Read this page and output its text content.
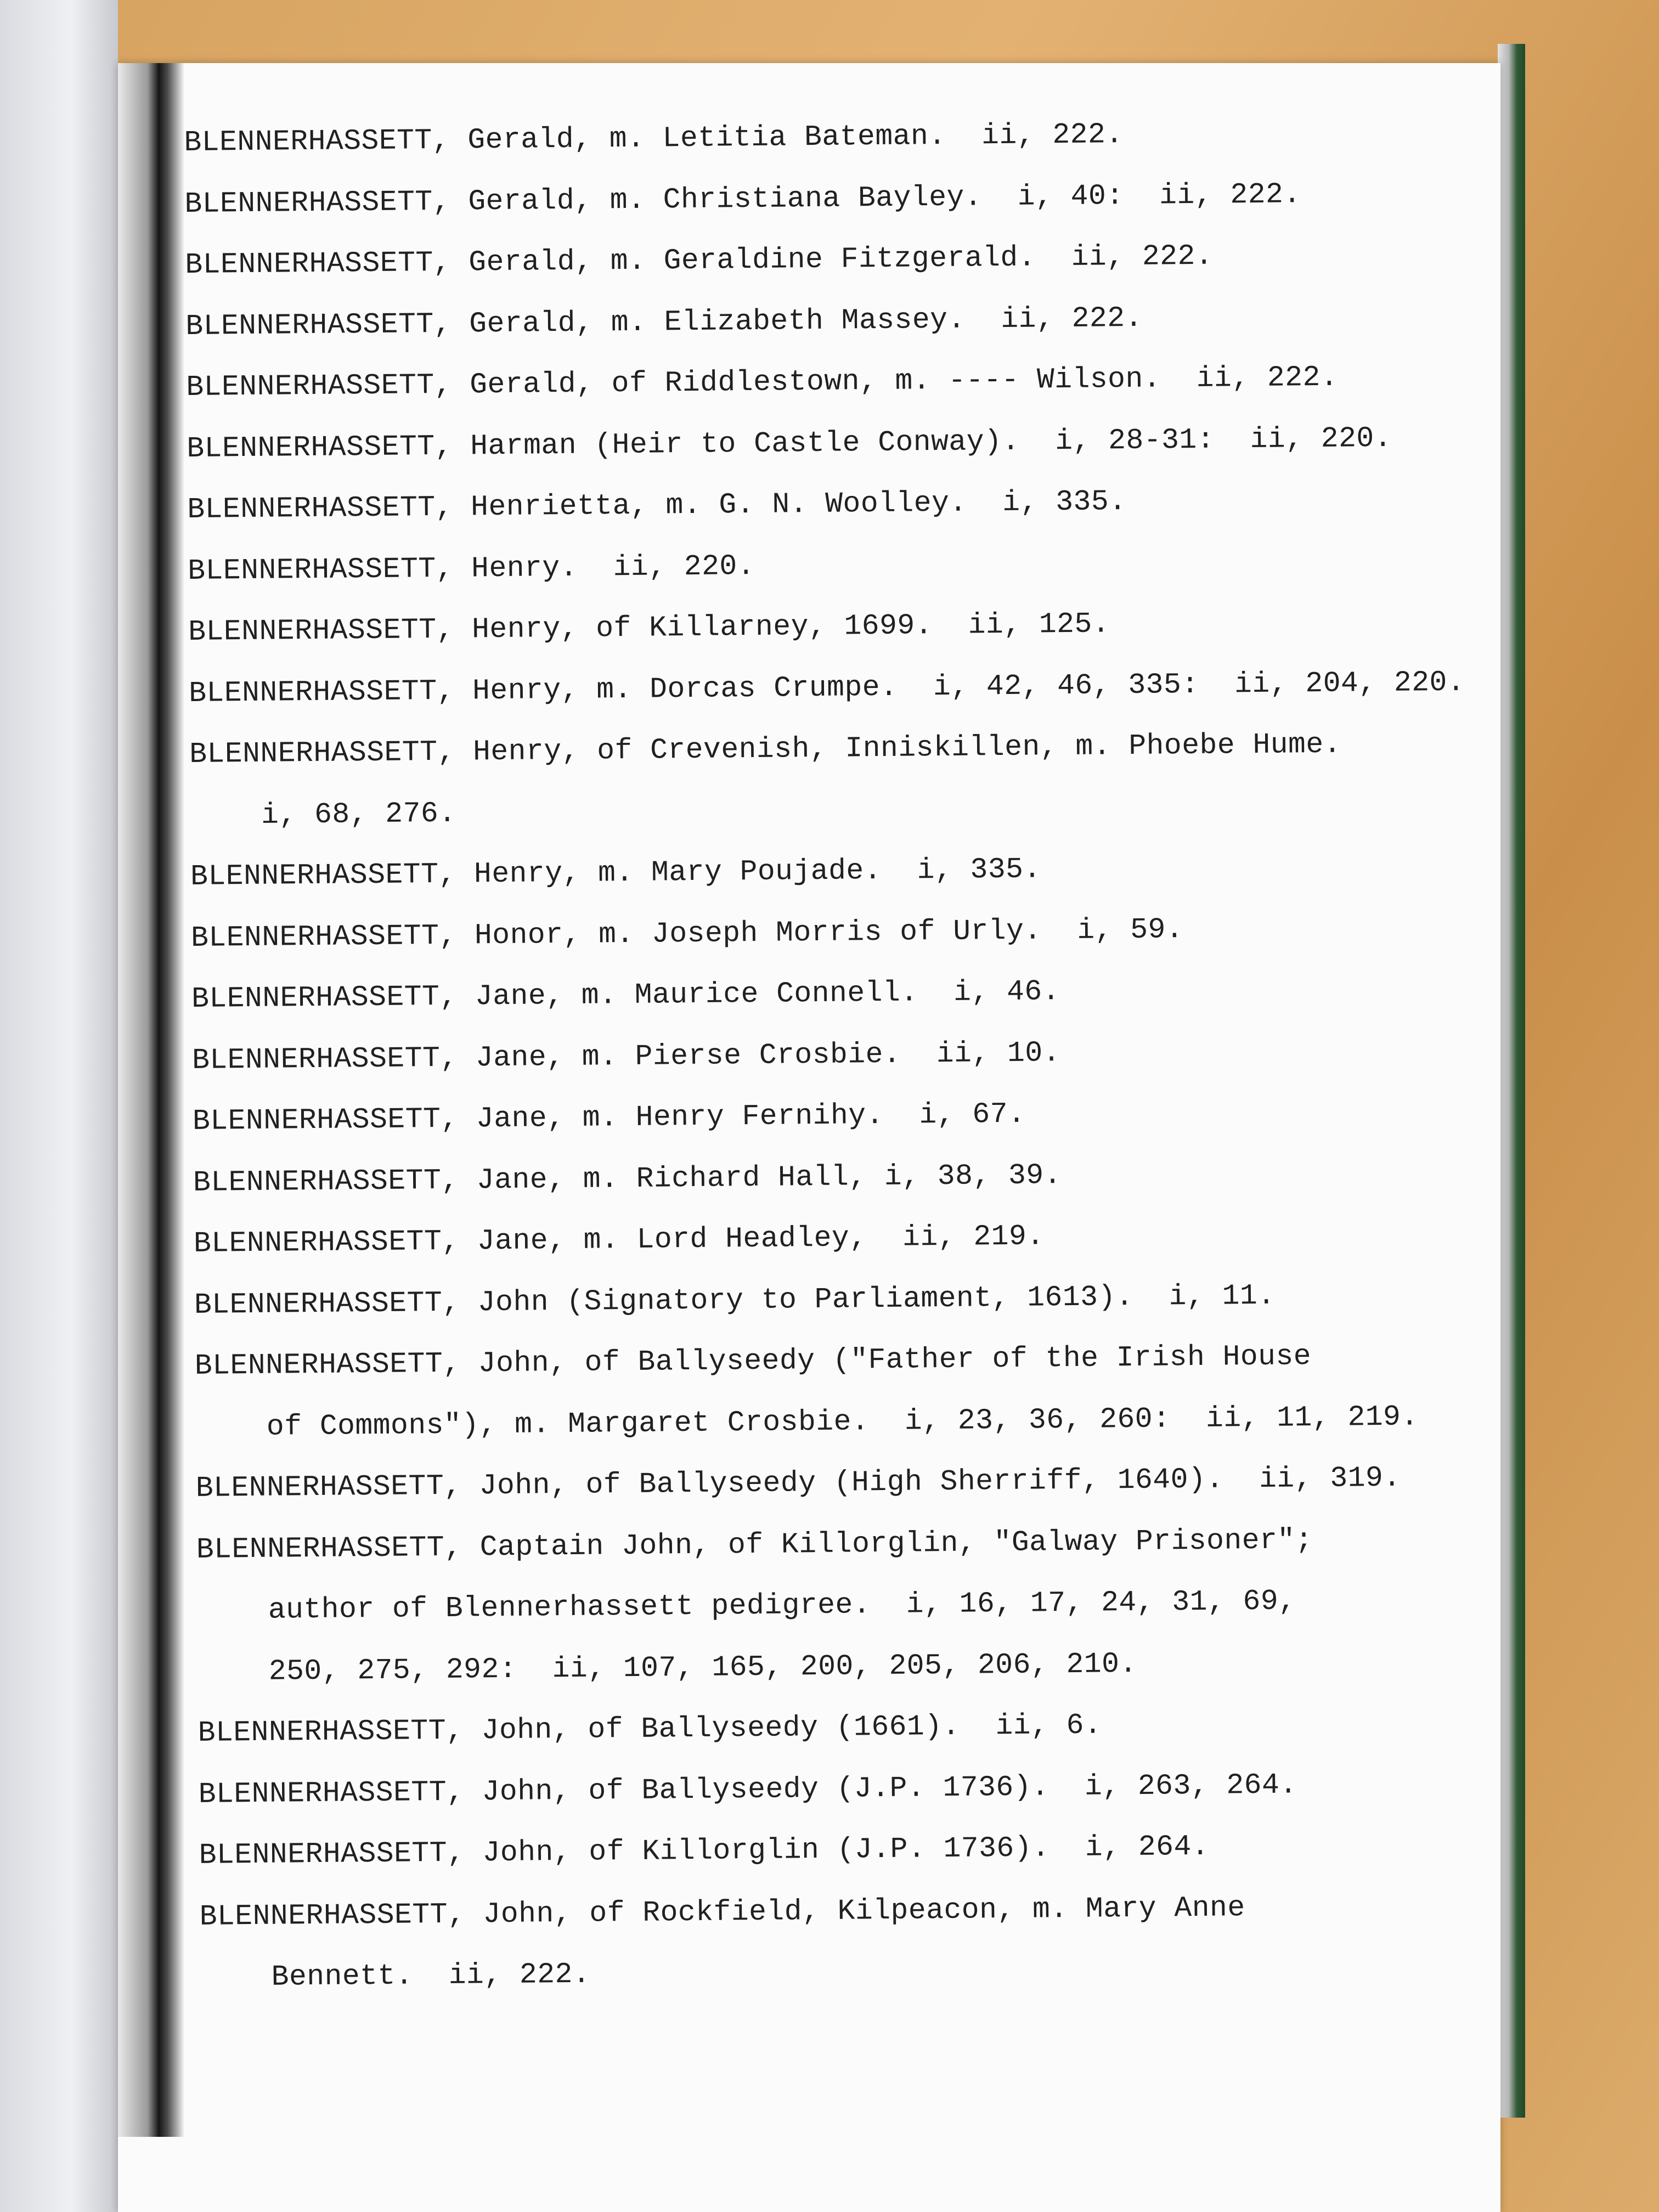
BLENNERHASSETT, Gerald, m. Letitia Bateman.  ii, 222.
BLENNERHASSETT, Gerald, m. Christiana Bayley.  i, 40:  ii, 222.
BLENNERHASSETT, Gerald, m. Geraldine Fitzgerald.  ii, 222.
BLENNERHASSETT, Gerald, m. Elizabeth Massey.  ii, 222.
BLENNERHASSETT, Gerald, of Riddlestown, m. ---- Wilson.  ii, 222.
BLENNERHASSETT, Harman (Heir to Castle Conway).  i, 28-31:  ii, 220.
BLENNERHASSETT, Henrietta, m. G. N. Woolley.  i, 335.
BLENNERHASSETT, Henry.  ii, 220.
BLENNERHASSETT, Henry, of Killarney, 1699.  ii, 125.
BLENNERHASSETT, Henry, m. Dorcas Crumpe.  i, 42, 46, 335:  ii, 204, 220.
BLENNERHASSETT, Henry, of Crevenish, Inniskillen, m. Phoebe Hume.
i, 68, 276.
BLENNERHASSETT, Henry, m. Mary Poujade.  i, 335.
BLENNERHASSETT, Honor, m. Joseph Morris of Urly.  i, 59.
BLENNERHASSETT, Jane, m. Maurice Connell.  i, 46.
BLENNERHASSETT, Jane, m. Pierse Crosbie.  ii, 10.
BLENNERHASSETT, Jane, m. Henry Fernihy.  i, 67.
BLENNERHASSETT, Jane, m. Richard Hall, i, 38, 39.
BLENNERHASSETT, Jane, m. Lord Headley,  ii, 219.
BLENNERHASSETT, John (Signatory to Parliament, 1613).  i, 11.
BLENNERHASSETT, John, of Ballyseedy ("Father of the Irish House
of Commons"), m. Margaret Crosbie.  i, 23, 36, 260:  ii, 11, 219.
BLENNERHASSETT, John, of Ballyseedy (High Sherriff, 1640).  ii, 319.
BLENNERHASSETT, Captain John, of Killorglin, "Galway Prisoner";
author of Blennerhassett pedigree.  i, 16, 17, 24, 31, 69,
250, 275, 292:  ii, 107, 165, 200, 205, 206, 210.
BLENNERHASSETT, John, of Ballyseedy (1661).  ii, 6.
BLENNERHASSETT, John, of Ballyseedy (J.P. 1736).  i, 263, 264.
BLENNERHASSETT, John, of Killorglin (J.P. 1736).  i, 264.
BLENNERHASSETT, John, of Rockfield, Kilpeacon, m. Mary Anne
Bennett.  ii, 222.
